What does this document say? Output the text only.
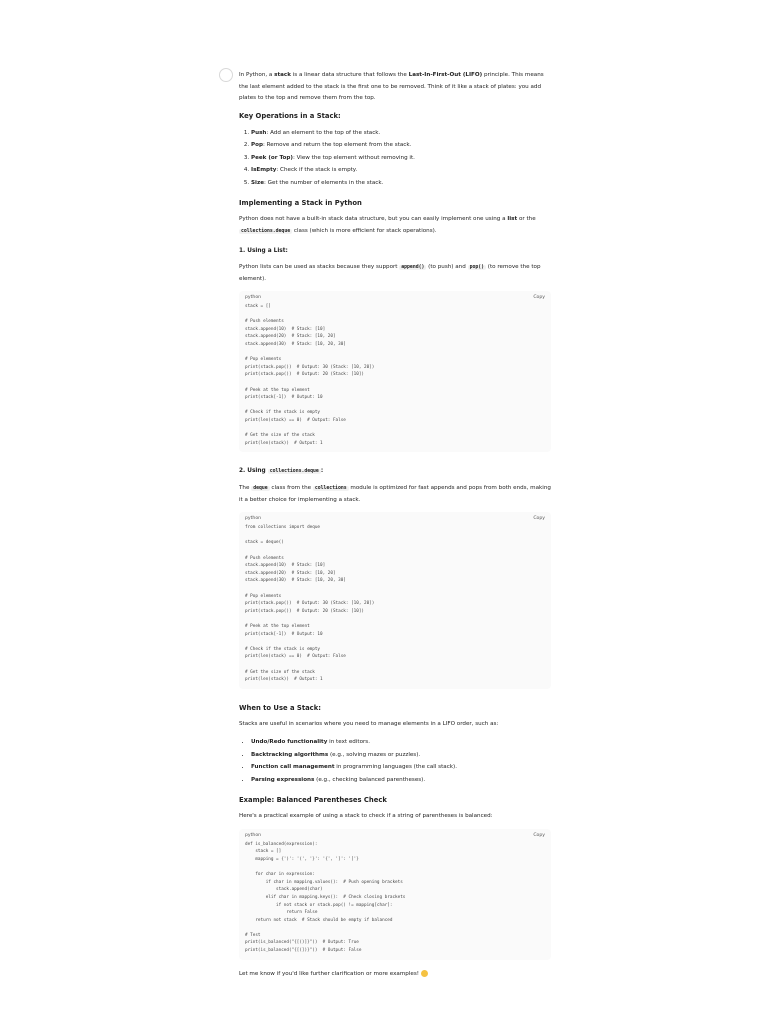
In Python, a stack is a linear data structure that follows the Last-In-First-Out (LIFO) principle. This means the last element added to the stack is the first one to be removed. Think of it like a stack of plates: you add plates to the top and remove them from the top.

Key Operations in a Stack:
1. Push: Add an element to the top of the stack.
2. Pop: Remove and return the top element from the stack.
3. Peek (or Top): View the top element without removing it.
4. IsEmpty: Check if the stack is empty.
5. Size: Get the number of elements in the stack.
Implementing a Stack in Python

Python does not have a built-in stack data structure, but you can easily implement one using a list or the collections.deque class (which is more efficient for stack operations).

1. Using a List:

Python lists can be used as stacks because they support append() (to push) and pop() (to remove the top element).

python	Copy
stack = []

# Push elements
stack.append(10)  # Stack: [10]
stack.append(20)  # Stack: [10, 20]
stack.append(30)  # Stack: [10, 20, 30]

# Pop elements
print(stack.pop())  # Output: 30 (Stack: [10, 20])
print(stack.pop())  # Output: 20 (Stack: [10])

# Peek at the top element
print(stack[-1])  # Output: 10

# Check if the stack is empty
print(len(stack) == 0)  # Output: False

# Get the size of the stack
print(len(stack))  # Output: 1
2. Using collections.deque :

The deque class from the collections module is optimized for fast appends and pops from both ends, making it a better choice for implementing a stack.

python	Copy
from collections import deque

stack = deque()

# Push elements
stack.append(10)  # Stack: [10]
stack.append(20)  # Stack: [10, 20]
stack.append(30)  # Stack: [10, 20, 30]

# Pop elements
print(stack.pop())  # Output: 30 (Stack: [10, 20])
print(stack.pop())  # Output: 20 (Stack: [10])

# Peek at the top element
print(stack[-1])  # Output: 10

# Check if the stack is empty
print(len(stack) == 0)  # Output: False

# Get the size of the stack
print(len(stack))  # Output: 1
When to Use a Stack:

Stacks are useful in scenarios where you need to manage elements in a LIFO order, such as:

• Undo/Redo functionality in text editors.
• Backtracking algorithms (e.g., solving mazes or puzzles).
• Function call management in programming languages (the call stack).
• Parsing expressions (e.g., checking balanced parentheses).
Example: Balanced Parentheses Check

Here's a practical example of using a stack to check if a string of parentheses is balanced:

python	Copy
def is_balanced(expression):
stack = []
mapping = {')': '(', '}': '{', ']': '['}

for char in expression:
if char in mapping.values():  # Push opening brackets
stack.append(char)
elif char in mapping.keys():  # Check closing brackets
if not stack or stack.pop() != mapping[char]:
return False
return not stack  # Stack should be empty if balanced

# Test
print(is_balanced("{[()]}"))  # Output: True
print(is_balanced("{[(])}"))  # Output: False

Let me know if you'd like further clarification or more examples!
